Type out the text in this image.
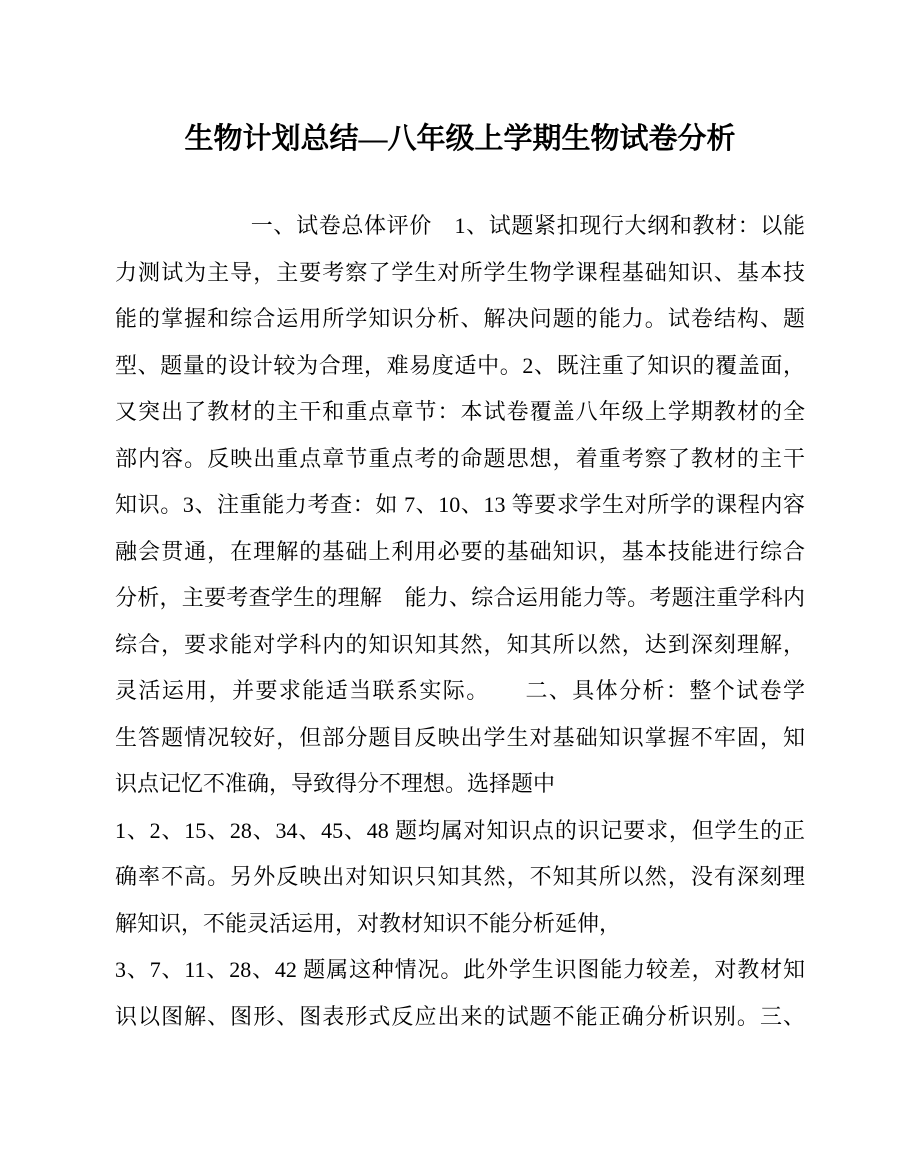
生物计划总结—八年级上学期生物试卷分析

　　　　　　一、试卷总体评价　1、试题紧扣现行大纲和教材：以能

力测试为主导，主要考察了学生对所学生物学课程基础知识、基本技

能的掌握和综合运用所学知识分析、解决问题的能力。试卷结构、题

型、题量的设计较为合理，难易度适中。2、既注重了知识的覆盖面，

又突出了教材的主干和重点章节：本试卷覆盖八年级上学期教材的全

部内容。反映出重点章节重点考的命题思想，着重考察了教材的主干

知识。3、注重能力考查：如 7、10、13 等要求学生对所学的课程内容

融会贯通，在理解的基础上利用必要的基础知识，基本技能进行综合

分析，主要考查学生的理解　能力、综合运用能力等。考题注重学科内

综合，要求能对学科内的知识知其然，知其所以然，达到深刻理解，

灵活运用，并要求能适当联系实际。　　二、具体分析：整个试卷学

生答题情况较好，但部分题目反映出学生对基础知识掌握不牢固，知

识点记忆不准确，导致得分不理想。选择题中

1、2、15、28、34、45、48 题均属对知识点的识记要求，但学生的正

确率不高。另外反映出对知识只知其然，不知其所以然，没有深刻理

解知识，不能灵活运用，对教材知识不能分析延伸，

3、7、11、28、42 题属这种情况。此外学生识图能力较差，对教材知

识以图解、图形、图表形式反应出来的试题不能正确分析识别。三、
